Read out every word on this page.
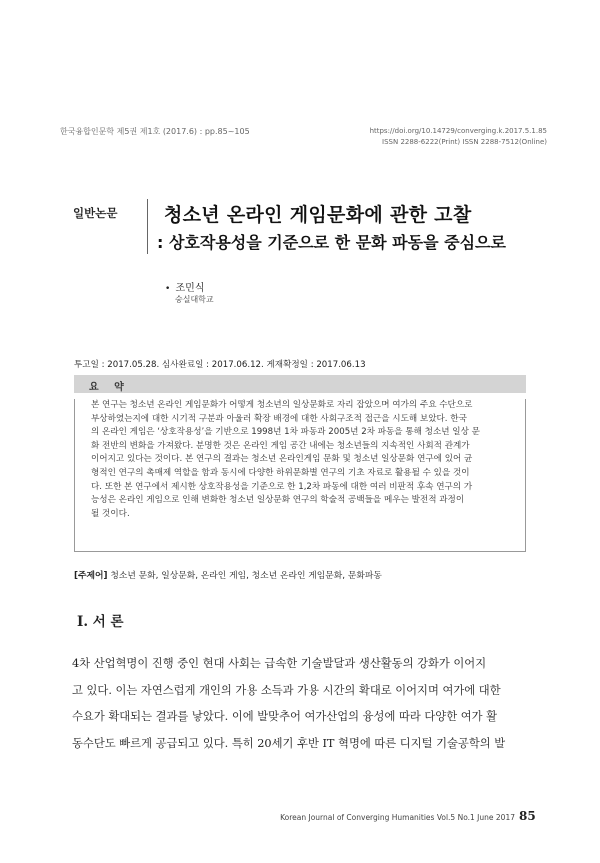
한국융합인문학 제5권 제1호 (2017.6) : pp.85~105	https://doi.org/10.14729/converging.k.2017.5.1.85
ISSN 2288-6222(Print) ISSN 2288-7512(Online)
일반논문 청소년 온라인 게임문화에 관한 고찰
: 상호작용성을 기준으로 한 문화 파동을 중심으로
• 조민식
숭실대학교
투고일 : 2017.05.28. 심사완료일 : 2017.06.12. 게재확정일 : 2017.06.13
요 약
본 연구는 청소년 온라인 게임문화가 어떻게 청소년의 일상문화로 자리 잡았으며 여가의 주요 수단으로
부상하였는지에 대한 시기적 구분과 아울러 확장 배경에 대한 사회구조적 접근을 시도해 보았다. 한국
의 온라인 게임은 ‘상호작용성’을 기반으로 1998년 1차 파동과 2005년 2차 파동을 통해 청소년 일상 문
화 전반의 변화을 가져왔다. 분명한 것은 온라인 게임 공간 내에는 청소년들의 지속적인 사회적 관계가
이어지고 있다는 것이다. 본 연구의 결과는 청소년 온라인게임 문화 및 청소년 일상문화 연구에 있어 균
형적인 연구의 촉매제 역할을 함과 동시에 다양한 하위문화별 연구의 기초 자료로 활용될 수 있을 것이
다. 또한 본 연구에서 제시한 상호작용성을 기준으로 한 1,2차 파동에 대한 여러 비판적 후속 연구의 가
능성은 온라인 게임으로 인해 변화한 청소년 일상문화 연구의 학술적 공백들을 메우는 발전적 과정이
될 것이다.
[주제어] 청소년 문화, 일상문화, 온라인 게임, 청소년 온라인 게임문화, 문화파동
Ⅰ. 서 론
4차 산업혁명이 진행 중인 현대 사회는 급속한 기술발달과 생산활동의 강화가 이어지
고 있다. 이는 자연스럽게 개인의 가용 소득과 가용 시간의 확대로 이어지며 여가에 대한
수요가 확대되는 결과를 낳았다. 이에 발맞추어 여가산업의 융성에 따라 다양한 여가 활
동수단도 빠르게 공급되고 있다. 특히 20세기 후반 IT 혁명에 따른 디지털 기술공학의 발
Korean Journal of Converging Humanities Vol.5 No.1 June 2017 85
